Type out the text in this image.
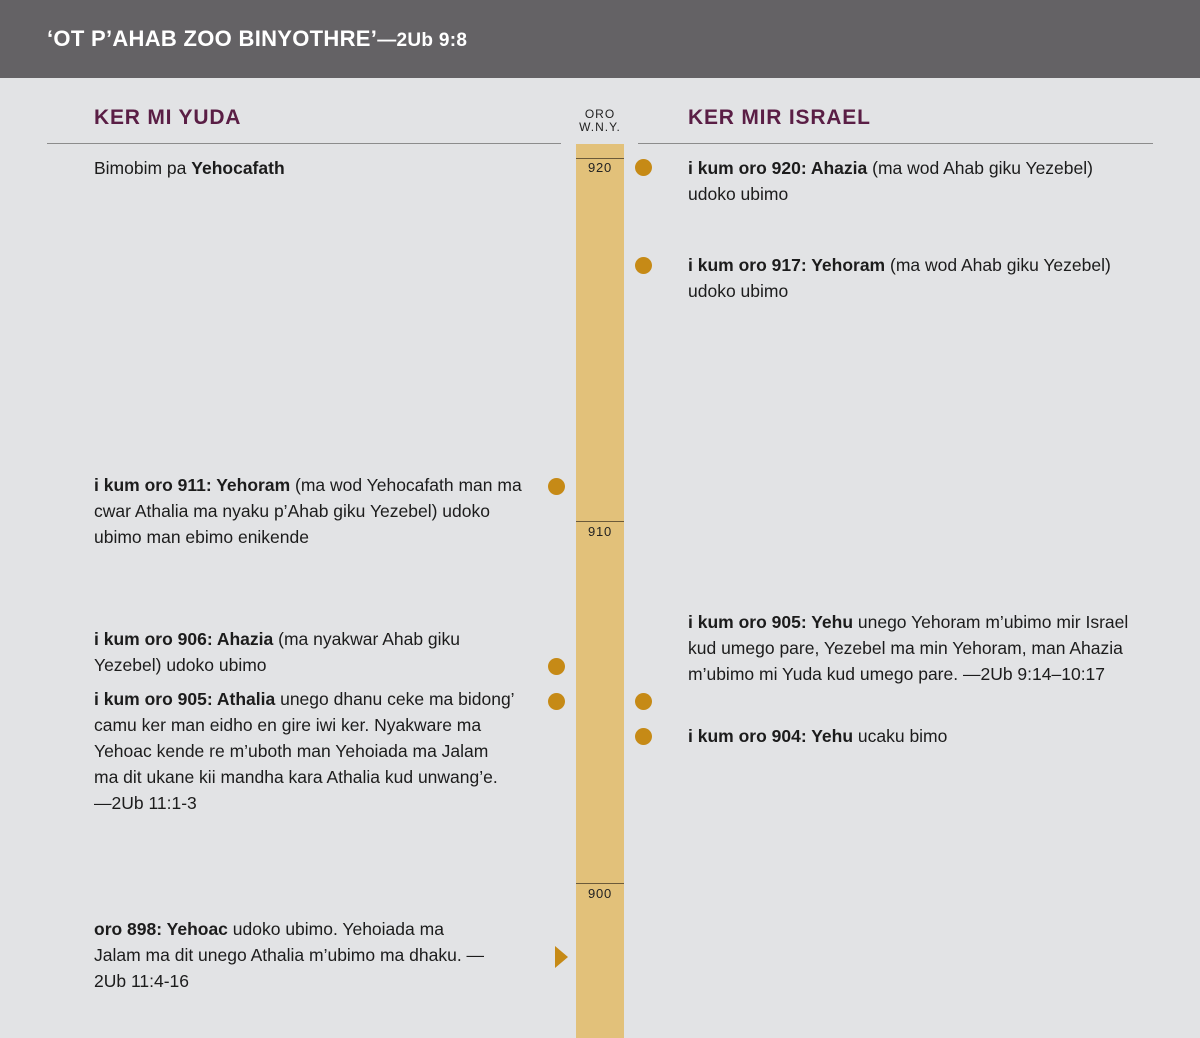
‘OT P’AHAB ZOO BINYOTHRE’—2Ub 9:8
KER MI YUDA	KER MIR ISRAEL
ORO
W.N.Y.
920
910
900
Bimobim pa Yehocafath
i kum oro 911: Yehoram (ma wod Yehocafath man ma cwar Athalia ma nyaku p’Ahab giku Yezebel) udoko ubimo man ebimo enikende
i kum oro 906: Ahazia (ma nyakwar Ahab giku Yezebel) udoko ubimo
i kum oro 905: Athalia unego dhanu ceke ma bidong’ camu ker man eidho en gire iwi ker. Nyakware ma Yehoac kende re m’uboth man Yehoiada ma Jalam ma dit ukane kii mandha kara Athalia kud unwang’e.—2Ub 11:1-3
oro 898: Yehoac udoko ubimo. Yehoiada ma Jalam ma dit unego Athalia m’ubimo ma dhaku. —2Ub 11:4-16
i kum oro 920: Ahazia (ma wod Ahab giku Yezebel) udoko ubimo
i kum oro 917: Yehoram (ma wod Ahab giku Yezebel) udoko ubimo
i kum oro 905: Yehu unego Yehoram m’ubimo mir Israel kud umego pare, Yezebel ma min Yehoram, man Ahazia m’ubimo mi Yuda kud umego pare. —2Ub 9:14–10:17
i kum oro 904: Yehu ucaku bimo
